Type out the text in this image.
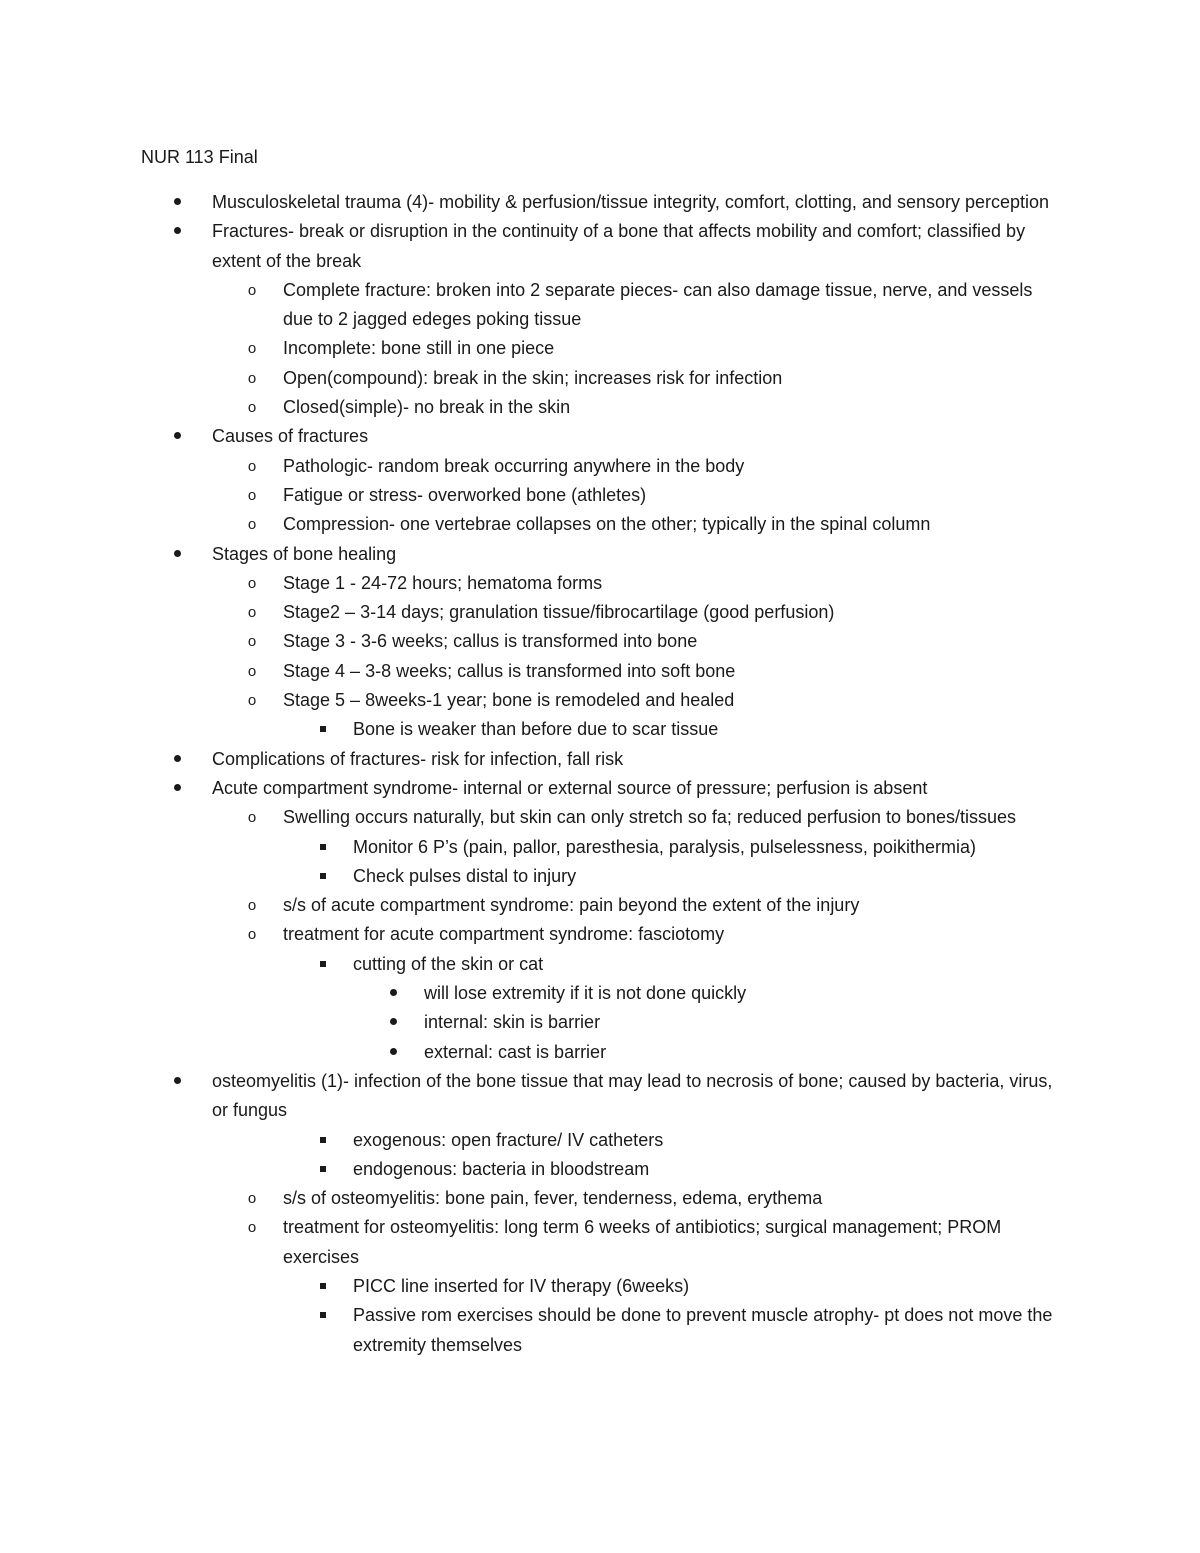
NUR 113 Final
Musculoskeletal trauma (4)- mobility & perfusion/tissue integrity, comfort, clotting, and sensory perception
Fractures- break or disruption in the continuity of a bone that affects mobility and comfort; classified by extent of the break
o Complete fracture: broken into 2 separate pieces- can also damage tissue, nerve, and vessels due to 2 jagged edeges poking tissue
o Incomplete: bone still in one piece
o Open(compound): break in the skin; increases risk for infection
o Closed(simple)- no break in the skin
Causes of fractures
o Pathologic- random break occurring anywhere in the body
o Fatigue or stress- overworked bone (athletes)
o Compression- one vertebrae collapses on the other; typically in the spinal column
Stages of bone healing
o Stage 1 - 24-72 hours; hematoma forms
o Stage2 – 3-14 days; granulation tissue/fibrocartilage (good perfusion)
o Stage 3 - 3-6 weeks; callus is transformed into bone
o Stage 4 – 3-8 weeks; callus is transformed into soft bone
o Stage 5 – 8weeks-1 year; bone is remodeled and healed
Bone is weaker than before due to scar tissue
Complications of fractures- risk for infection, fall risk
Acute compartment syndrome- internal or external source of pressure; perfusion is absent
o Swelling occurs naturally, but skin can only stretch so fa; reduced perfusion to bones/tissues
Monitor 6 P’s (pain, pallor, paresthesia, paralysis, pulselessness, poikithermia)
Check pulses distal to injury
o s/s of acute compartment syndrome: pain beyond the extent of the injury
o treatment for acute compartment syndrome: fasciotomy
cutting of the skin or cat
will lose extremity if it is not done quickly
internal: skin is barrier
external: cast is barrier
osteomyelitis (1)- infection of the bone tissue that may lead to necrosis of bone; caused by bacteria, virus, or fungus
exogenous: open fracture/ IV catheters
endogenous: bacteria in bloodstream
o s/s of osteomyelitis: bone pain, fever, tenderness, edema, erythema
o treatment for osteomyelitis: long term 6 weeks of antibiotics; surgical management; PROM exercises
PICC line inserted for IV therapy (6weeks)
Passive rom exercises should be done to prevent muscle atrophy- pt does not move the extremity themselves
